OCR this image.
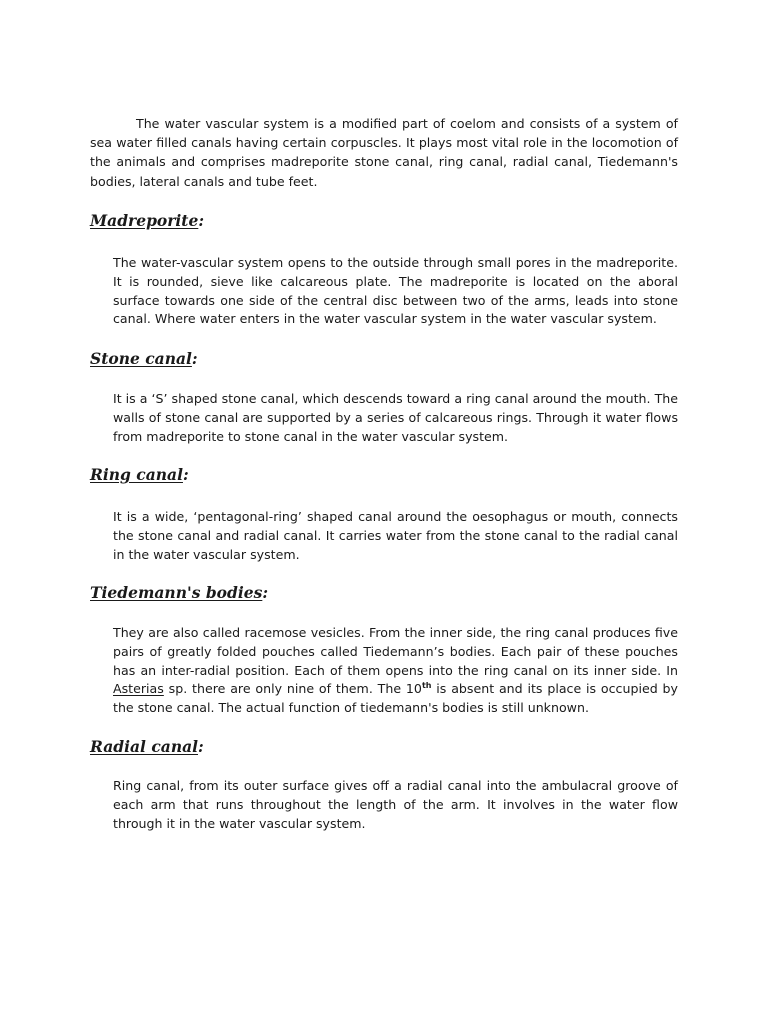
The water vascular system is a modified part of coelom and consists of a system of sea water filled canals having certain corpuscles. It plays most vital role in the locomotion of the animals and comprises madreporite stone canal, ring canal, radial canal, Tiedemann's bodies, lateral canals and tube feet.

Madreporite:

The water-vascular system opens to the outside through small pores in the madreporite. It is rounded, sieve like calcareous plate. The madreporite is located on the aboral surface towards one side of the central disc between two of the arms, leads into stone canal. Where water enters in the water vascular system in the water vascular system.

Stone canal:

It is a ‘S’ shaped stone canal, which descends toward a ring canal around the mouth. The walls of stone canal are supported by a series of calcareous rings. Through it water flows from madreporite to stone canal in the water vascular system.

Ring canal:

It is a wide, ‘pentagonal-ring’ shaped canal around the oesophagus or mouth, connects the stone canal and radial canal. It carries water from the stone canal to the radial canal in the water vascular system.

Tiedemann's bodies:

They are also called racemose vesicles. From the inner side, the ring canal produces five pairs of greatly folded pouches called Tiedemann’s bodies. Each pair of these pouches has an inter-radial position. Each of them opens into the ring canal on its inner side. In Asterias sp. there are only nine of them. The 10th is absent and its place is occupied by the stone canal. The actual function of tiedemann's bodies is still unknown.

Radial canal:

Ring canal, from its outer surface gives off a radial canal into the ambulacral groove of each arm that runs throughout the length of the arm. It involves in the water flow through it in the water vascular system.
